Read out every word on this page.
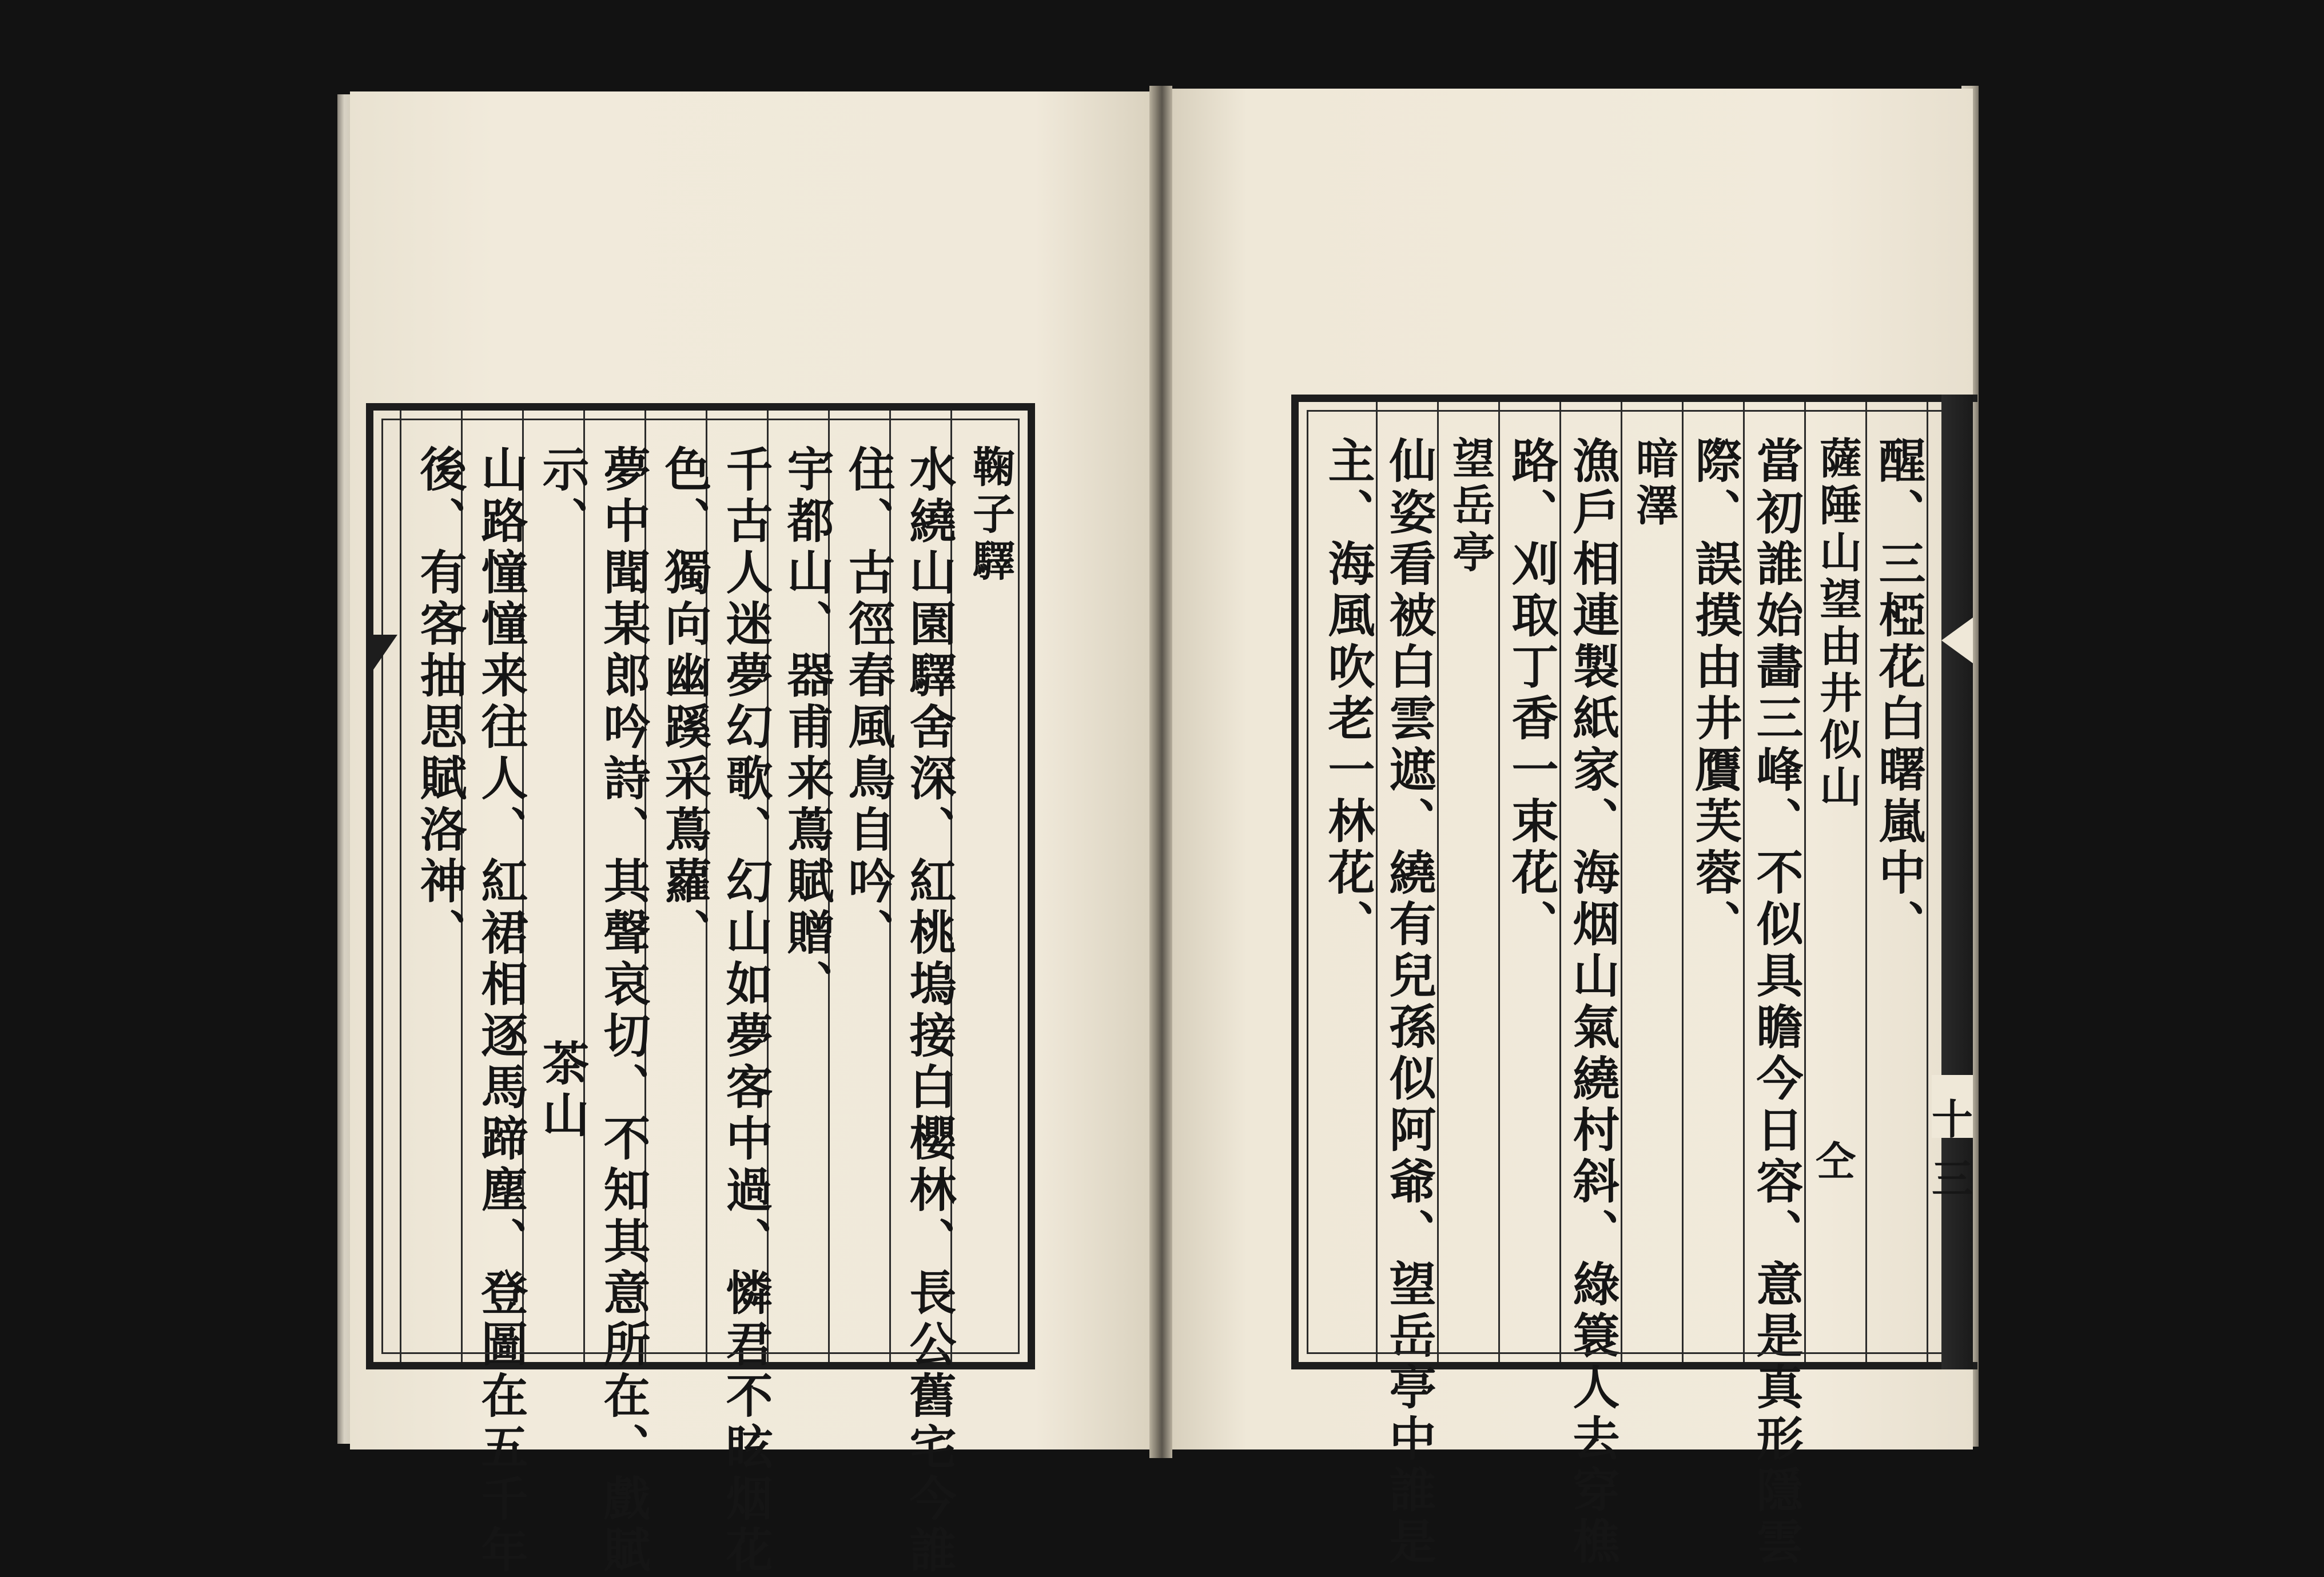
鞠子驛
水繞山園驛舍深、紅桃塢接白櫻林、長公舊宅今誰
住、古徑春風鳥自吟、
宇都山、器甫来蔦賦贈、
千古人迷夢幻歌、幻山如夢客中過、憐君不眩烟花
色、獨向幽蹊采蔦蘿、
夢中聞某郎吟詩、其聲哀切、不知其意所在、戲賦
示、　　　　　　　　　　茶山
山路憧憧来往人、紅裙相逐馬蹄塵、登圖在五千年
後、有客抽思賦洛神、	醒、三椏花白曙嵐中、
薩陲山望由井似山
當初誰始畵三峰、不似具瞻今日容、意是真形隱雲
際、誤摸由井贋芙蓉、
暗澤
漁戶相連製紙家、海烟山氣繞村斜、綠簑人去穿樵
路、刈取丁香一束花、
望岳亭
仙姿看被白雲遮、繞有兒孫似阿爺、望岳亭中誰是
主、海風吹老一林花、
十三
仝
